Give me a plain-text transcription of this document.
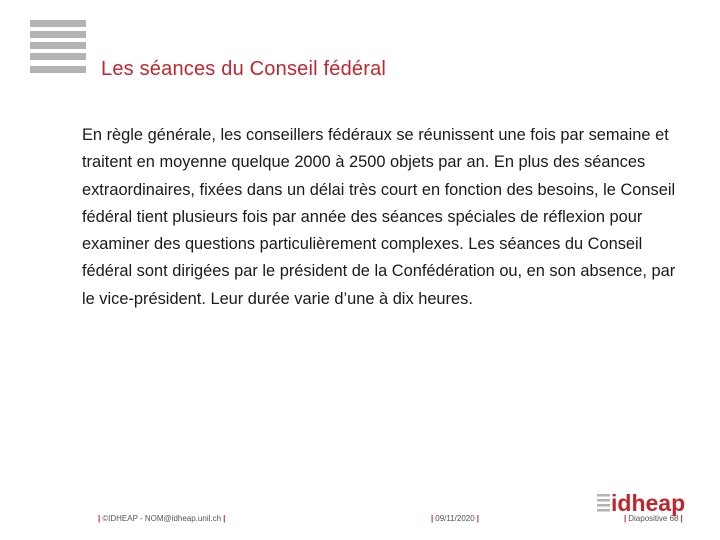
Les séances du Conseil fédéral
En règle générale, les conseillers fédéraux se réunissent une fois par semaine et traitent en moyenne quelque 2000 à 2500 objets par an. En plus des séances extraordinaires, fixées dans un délai très court en fonction des besoins, le Conseil fédéral tient plusieurs fois par année des séances spéciales de réflexion pour examiner des questions particulièrement complexes. Les séances du Conseil fédéral sont dirigées par le président de la Confédération ou, en son absence, par le vice-président. Leur durée varie d’une à dix heures.
| ©IDHEAP - NOM@idheap.unil.ch |	| 09/11/2020 |	| Diapositive 68 |
idheap
